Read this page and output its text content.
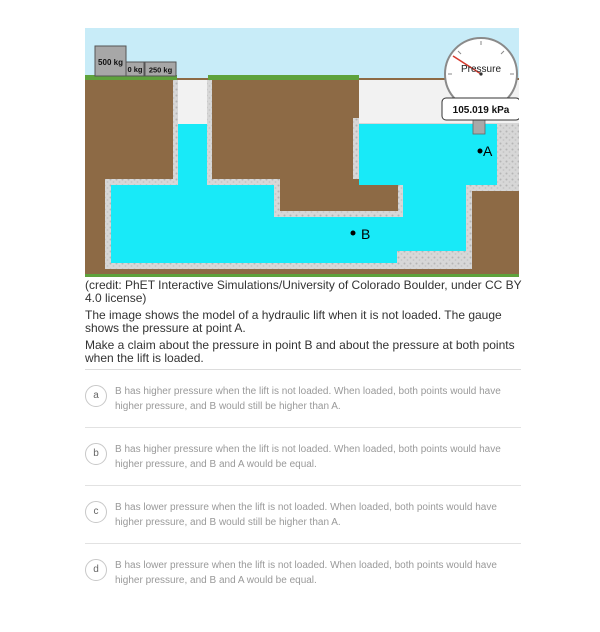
500 kg
0 kg 250 kg	Pressure
105.019 kPa
A
B
(credit: PhET Interactive Simulations/University of Colorado Boulder, under CC BY 4.0 license)
The image shows the model of a hydraulic lift when it is not loaded. The gauge shows the pressure at point A.
Make a claim about the pressure in point B and about the pressure at both points when the lift is loaded.
a	B has higher pressure when the lift is not loaded. When loaded, both points would have higher pressure, and B would still be higher than A.
b	B has higher pressure when the lift is not loaded. When loaded, both points would have higher pressure, and B and A would be equal.
c	B has lower pressure when the lift is not loaded. When loaded, both points would have higher pressure, and B would still be higher than A.
d	B has lower pressure when the lift is not loaded. When loaded, both points would have higher pressure, and B and A would be equal.
